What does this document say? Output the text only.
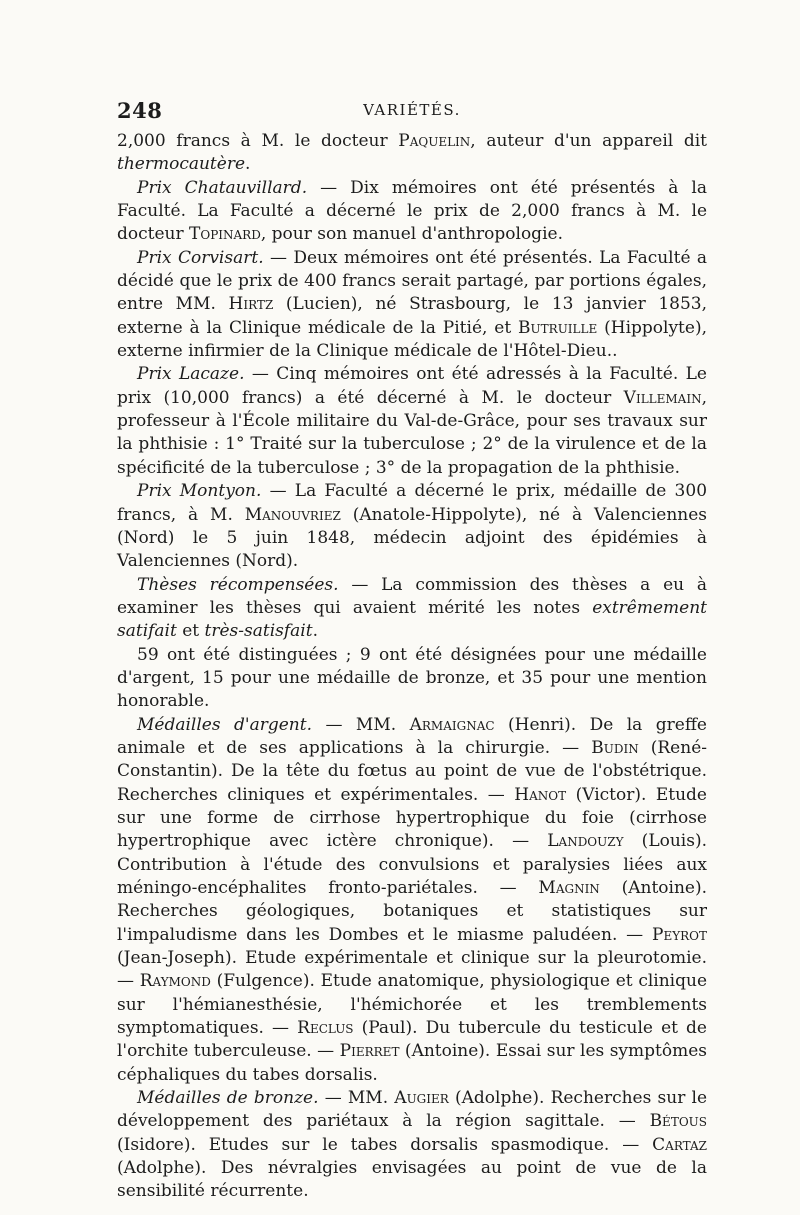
248	VARIÉTÉS.

2,000 francs à M. le docteur Paquelin, auteur d'un appareil dit thermocautère.

Prix Chatauvillard. — Dix mémoires ont été présentés à la Faculté. La Faculté a décerné le prix de 2,000 francs à M. le docteur Topinard, pour son manuel d'anthropologie.

Prix Corvisart. — Deux mémoires ont été présentés. La Faculté a décidé que le prix de 400 francs serait partagé, par portions égales, entre MM. Hirtz (Lucien), né Strasbourg, le 13 janvier 1853, externe à la Clinique médicale de la Pitié, et Butruille (Hippolyte), externe infirmier de la Clinique médicale de l'Hôtel-Dieu..

Prix Lacaze. — Cinq mémoires ont été adressés à la Faculté. Le prix (10,000 francs) a été décerné à M. le docteur Villemain, professeur à l'École militaire du Val-de-Grâce, pour ses travaux sur la phthisie : 1° Traité sur la tuberculose ; 2° de la virulence et de la spécificité de la tuberculose ; 3° de la propagation de la phthisie.

Prix Montyon. — La Faculté a décerné le prix, médaille de 300 francs, à M. Manouvriez (Anatole-Hippolyte), né à Valenciennes (Nord) le 5 juin 1848, médecin adjoint des épidémies à Valenciennes (Nord).

Thèses récompensées. — La commission des thèses a eu à examiner les thèses qui avaient mérité les notes extrêmement satifait et très-satisfait.

59 ont été distinguées ; 9 ont été désignées pour une médaille d'argent, 15 pour une médaille de bronze, et 35 pour une mention honorable.

Médailles d'argent. — MM. Armaignac (Henri). De la greffe animale et de ses applications à la chirurgie. — Budin (René-Constantin). De la tête du fœtus au point de vue de l'obstétrique. Recherches cliniques et expérimentales. — Hanot (Victor). Etude sur une forme de cirrhose hypertrophique du foie (cirrhose hypertrophique avec ictère chronique). — Landouzy (Louis). Contribution à l'étude des convulsions et paralysies liées aux méningo-encéphalites fronto-pariétales. — Magnin (Antoine). Recherches géologiques, botaniques et statistiques sur l'impaludisme dans les Dombes et le miasme paludéen. — Peyrot (Jean-Joseph). Etude expérimentale et clinique sur la pleurotomie. — Raymond (Fulgence). Etude anatomique, physiologique et clinique sur l'hémianesthésie, l'hémichorée et les tremblements symptomatiques. — Reclus (Paul). Du tubercule du testicule et de l'orchite tuberculeuse. — Pierret (Antoine). Essai sur les symptômes céphaliques du tabes dorsalis.

Médailles de bronze. — MM. Augier (Adolphe). Recherches sur le développement des pariétaux à la région sagittale. — Bétous (Isidore). Etudes sur le tabes dorsalis spasmodique. — Cartaz (Adolphe). Des névralgies envisagées au point de vue de la sensibilité récurrente.
